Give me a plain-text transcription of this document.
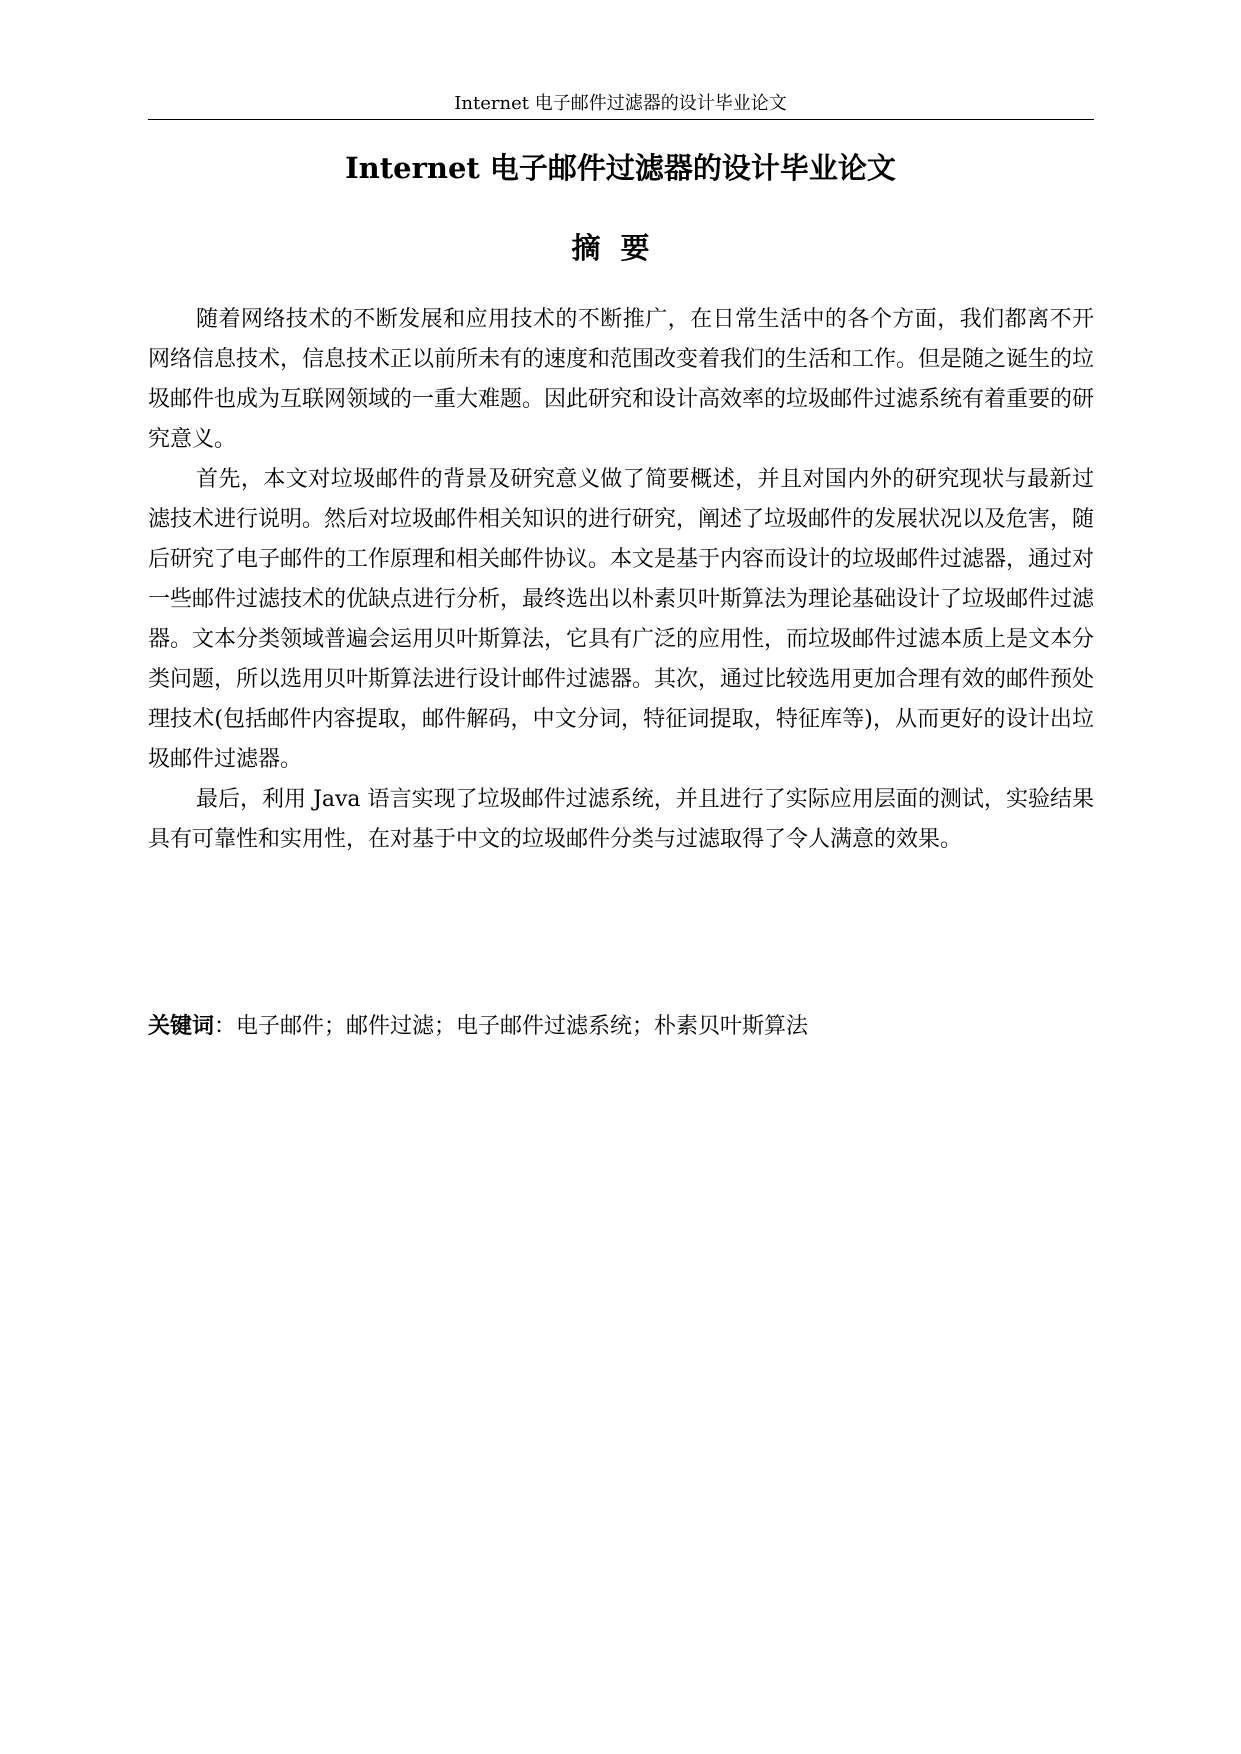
Internet 电子邮件过滤器的设计毕业论文
Internet 电子邮件过滤器的设计毕业论文
摘要

随着网络技术的不断发展和应用技术的不断推广，在日常生活中的各个方面，我们都离不开网络信息技术，信息技术正以前所未有的速度和范围改变着我们的生活和工作。但是随之诞生的垃圾邮件也成为互联网领域的一重大难题。因此研究和设计高效率的垃圾邮件过滤系统有着重要的研究意义。

首先，本文对垃圾邮件的背景及研究意义做了简要概述，并且对国内外的研究现状与最新过滤技术进行说明。然后对垃圾邮件相关知识的进行研究，阐述了垃圾邮件的发展状况以及危害，随后研究了电子邮件的工作原理和相关邮件协议。本文是基于内容而设计的垃圾邮件过滤器，通过对一些邮件过滤技术的优缺点进行分析，最终选出以朴素贝叶斯算法为理论基础设计了垃圾邮件过滤器。文本分类领域普遍会运用贝叶斯算法，它具有广泛的应用性，而垃圾邮件过滤本质上是文本分类问题，所以选用贝叶斯算法进行设计邮件过滤器。其次，通过比较选用更加合理有效的邮件预处理技术(包括邮件内容提取，邮件解码，中文分词，特征词提取，特征库等)，从而更好的设计出垃圾邮件过滤器。

最后，利用 Java 语言实现了垃圾邮件过滤系统，并且进行了实际应用层面的测试，实验结果具有可靠性和实用性，在对基于中文的垃圾邮件分类与过滤取得了令人满意的效果。

关键词：电子邮件；邮件过滤；电子邮件过滤系统；朴素贝叶斯算法
